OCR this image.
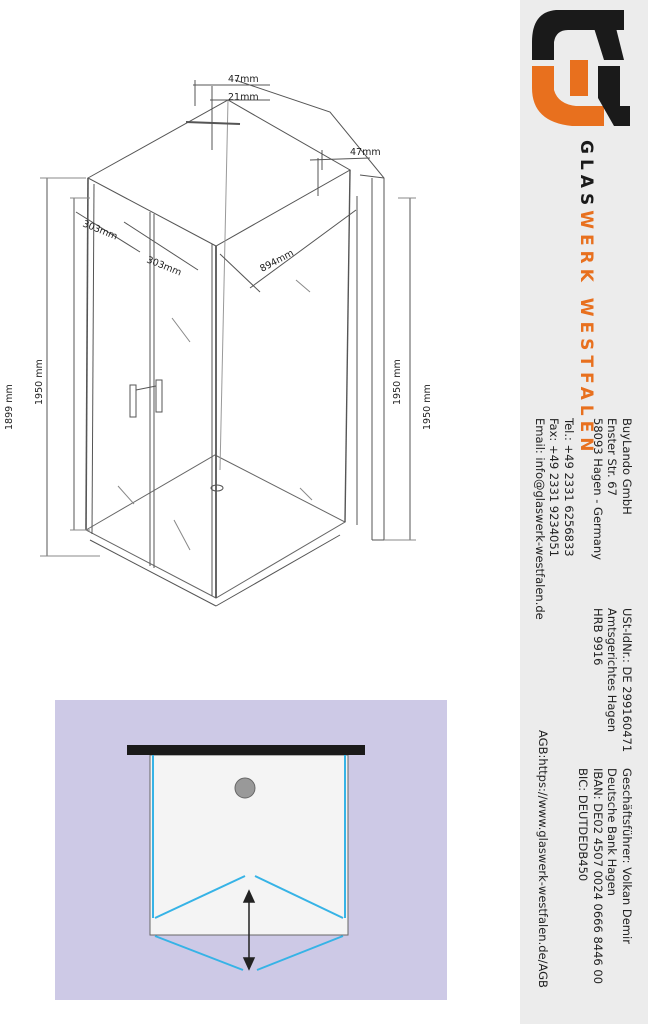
47mm
21mm
47mm
303mm
303mm	894mm
1899 mm
1950 mm	1950 mm
1950 mm
GLASWERK WESTFALEN
BuyLando GmbH
Enster Str. 67
58093 Hagen - Germany
Tel.: +49 2331 6256833
Fax: +49 2331 9234051
Email: info@glaswerk-westfalen.de
USt-IdNr.: DE 299160471
Amtsgerichtes Hagen
HRB 9916
Geschäftsführer: Volkan Demir
Deutsche Bank Hagen
IBAN: DE02 4507 0024 0666 8446 00
BIC: DEUTDEDB450
AGB:https://www.glaswerk-westfalen.de/AGB
